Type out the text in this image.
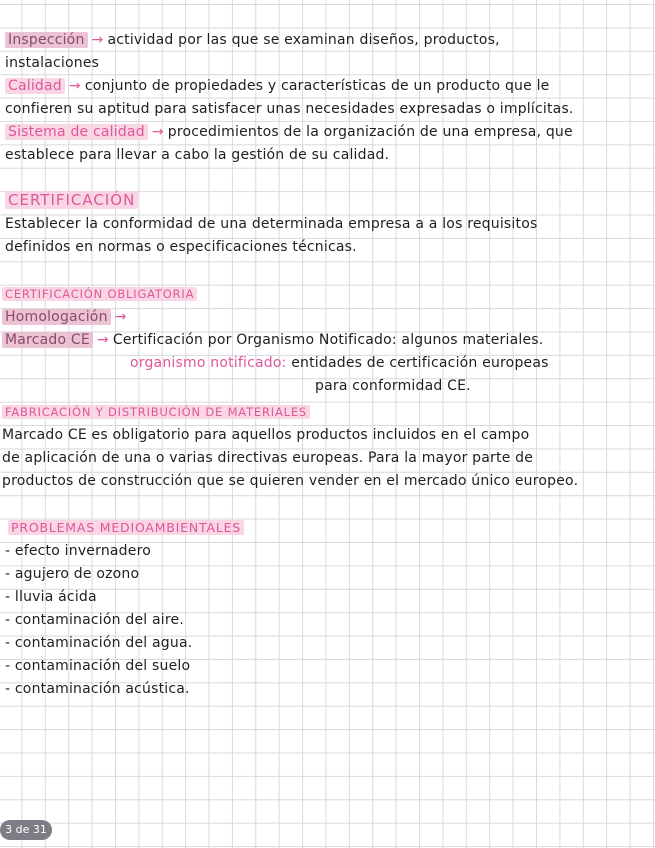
Inspección → actividad por las que se examinan diseños, productos,
instalaciones
Calidad → conjunto de propiedades y características de un producto que le
confieren su aptitud para satisfacer unas necesidades expresadas o implícitas.
Sistema de calidad → procedimientos de la organización de una empresa, que
establece para llevar a cabo la gestión de su calidad.
CERTIFICACIÓN
Establecer la conformidad de una determinada empresa a a los requisitos
definidos en normas o especificaciones técnicas.
CERTIFICACIÓN OBLIGATORIA
Homologación →
Marcado CE → Certificación por Organismo Notificado: algunos materiales.
organismo notificado: entidades de certificación europeas
para conformidad CE.
FABRICACIÓN Y DISTRIBUCIÓN DE MATERIALES
Marcado CE es obligatorio para aquellos productos incluidos en el campo
de aplicación de una o varias directivas europeas. Para la mayor parte de
productos de construcción que se quieren vender en el mercado único europeo.
PROBLEMAS MEDIOAMBIENTALES
- efecto invernadero
- agujero de ozono
- lluvia ácida
- contaminación del aire.
- contaminación del agua.
- contaminación del suelo
- contaminación acústica.
3 de 31
